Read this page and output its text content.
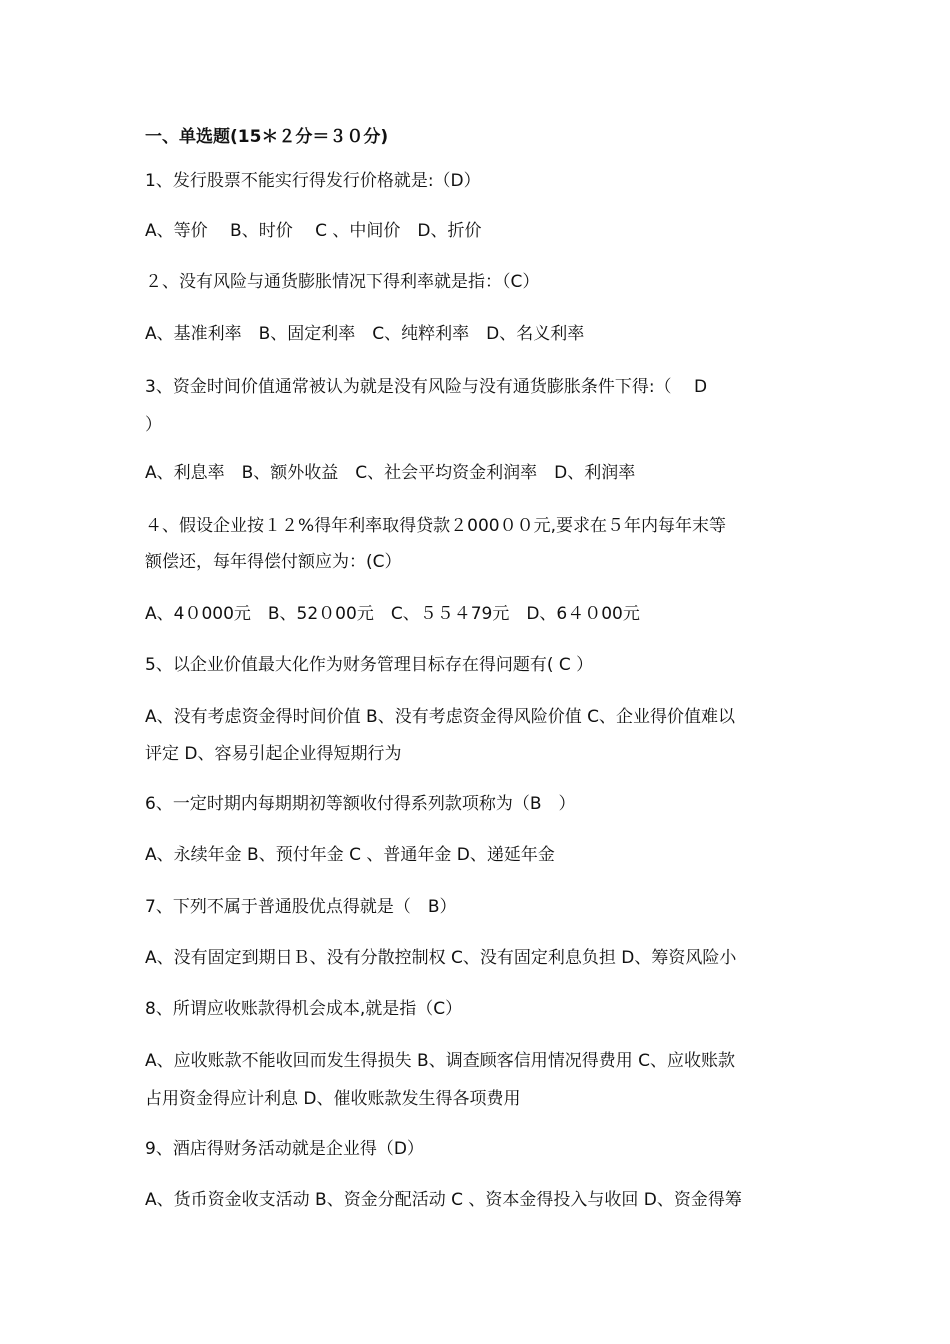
一、单选题(15＊２分＝３０分)
1、发行股票不能实行得发行价格就是:（D）
A、等价　 B、时价　 C 、中间价　D、折价
２、没有风险与通货膨胀情况下得利率就是指：（C）
A、基准利率　B、固定利率　C、纯粹利率　D、名义利率
3、资金时间价值通常被认为就是没有风险与没有通货膨胀条件下得:（　 D
）
A、利息率　B、额外收益　C、社会平均资金利润率　D、利润率
４、假设企业按１２%得年利率取得贷款２000００元,要求在５年内每年末等
额偿还，每年得偿付额应为：(C）
A、4０000元　B、52０00元　C、５５４79元　D、6４０00元
5、以企业价值最大化作为财务管理目标存在得问题有( C ）
A、没有考虑资金得时间价值 B、没有考虑资金得风险价值 C、企业得价值难以
评定 D、容易引起企业得短期行为
6、一定时期内每期期初等额收付得系列款项称为（B　）
A、永续年金 B、预付年金 C 、普通年金 D、递延年金
7、下列不属于普通股优点得就是（　B）
A、没有固定到期日Ｂ、没有分散控制权 C、没有固定利息负担 D、筹资风险小
8、所谓应收账款得机会成本,就是指（C）
A、应收账款不能收回而发生得损失 B、调查顾客信用情况得费用 C、应收账款
占用资金得应计利息 D、催收账款发生得各项费用
9、酒店得财务活动就是企业得（D）
A、货币资金收支活动 B、资金分配活动 C 、资本金得投入与收回 D、资金得筹
